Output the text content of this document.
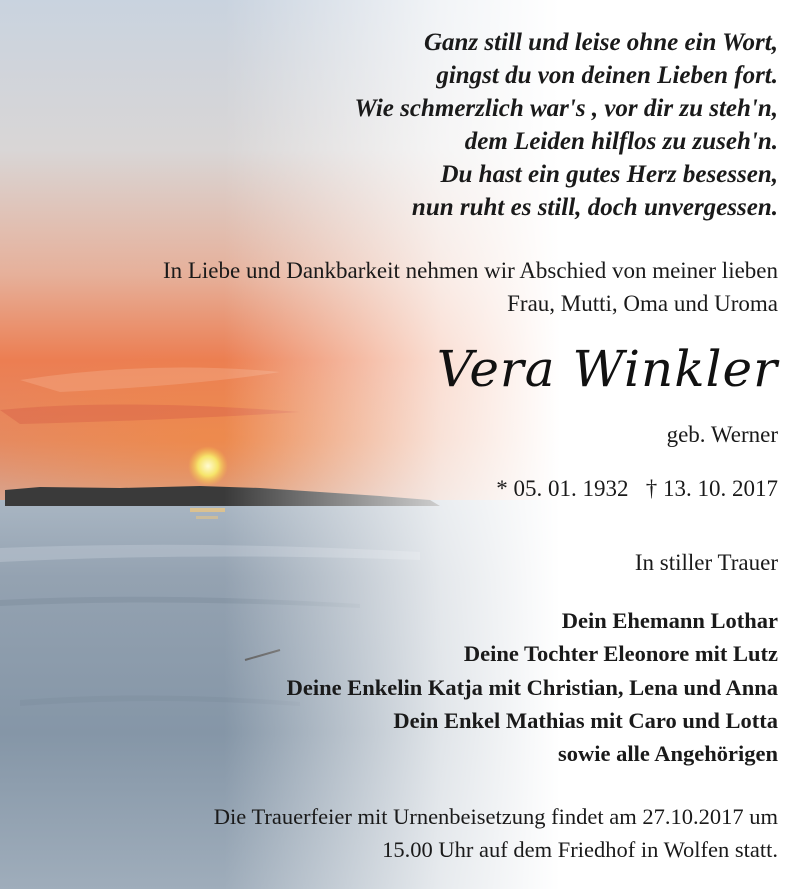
Ganz still und leise ohne ein Wort,
gingst du von deinen Lieben fort.
Wie schmerzlich war's , vor dir zu steh'n,
dem Leiden hilflos zu zuseh'n.
Du hast ein gutes Herz besessen,
nun ruht es still, doch unvergessen.
In Liebe und Dankbarkeit nehmen wir Abschied von meiner lieben
Frau, Mutti, Oma und Uroma
Vera Winkler
geb. Werner
* 05. 01. 1932   † 13. 10. 2017
In stiller Trauer
Dein Ehemann Lothar
Deine Tochter Eleonore mit Lutz
Deine Enkelin Katja mit Christian, Lena und Anna
Dein Enkel Mathias mit Caro und Lotta
sowie alle Angehörigen
Die Trauerfeier mit Urnenbeisetzung findet am 27.10.2017 um
15.00 Uhr auf dem Friedhof in Wolfen statt.
